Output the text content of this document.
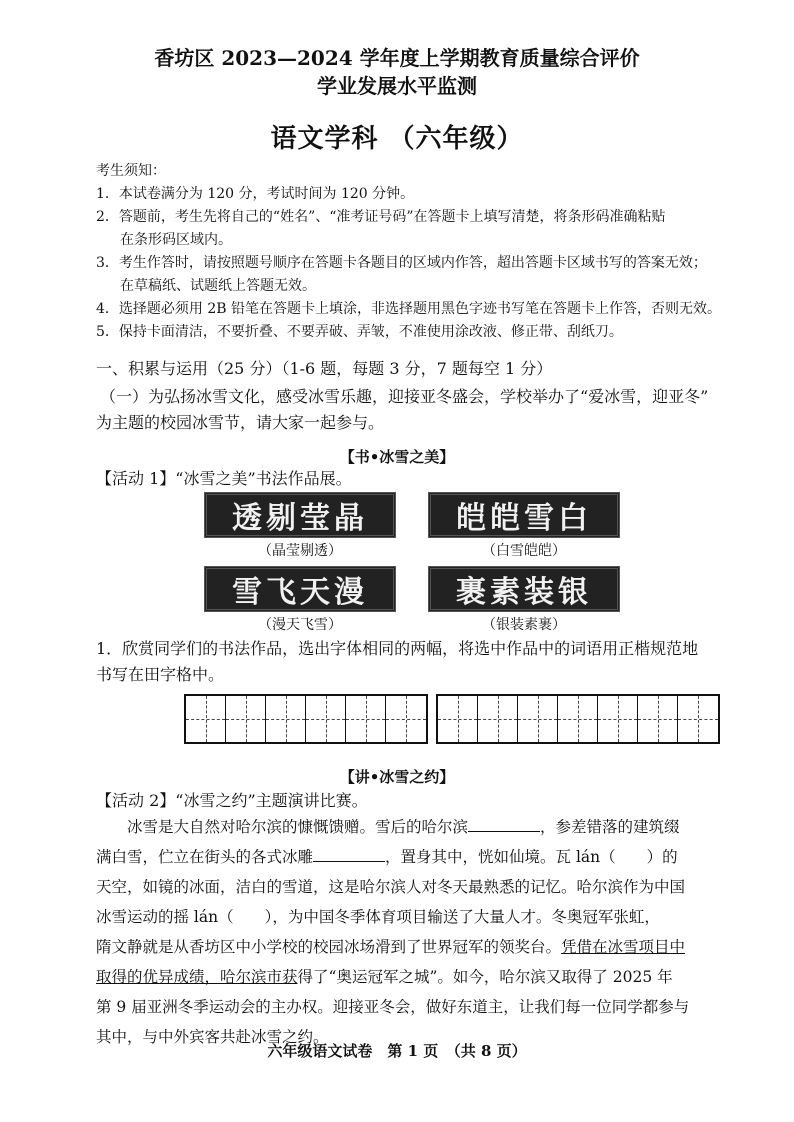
香坊区 2023—2024 学年度上学期教育质量综合评价
学业发展水平监测
语文学科 （六年级）

考生须知：

1．本试卷满分为 120 分，考试时间为 120 分钟。

2．答题前，考生先将自己的“姓名”、“准考证号码”在答题卡上填写清楚，将条形码准确粘贴

在条形码区域内。

3．考生作答时，请按照题号顺序在答题卡各题目的区域内作答，超出答题卡区域书写的答案无效；

在草稿纸、试题纸上答题无效。

4．选择题必须用 2B 铅笔在答题卡上填涂，非选择题用黑色字迹书写笔在答题卡上作答，否则无效。

5．保持卡面清洁，不要折叠、不要弄破、弄皱，不准使用涂改液、修正带、刮纸刀。

一、积累与运用（25 分）（1-6 题，每题 3 分，7 题每空 1 分）
（一）为弘扬冰雪文化，感受冰雪乐趣，迎接亚冬盛会，学校举办了“爱冰雪，迎亚冬”
为主题的校园冰雪节，请大家一起参与。
【书•冰雪之美】
【活动 1】“冰雪之美”书法作品展。
透剔莹晶
（晶莹剔透）
皑皑雪白
（白雪皑皑）
雪飞天漫
（漫天飞雪）
裹素装银
（银装素裹）
1．欣赏同学们的书法作品，选出字体相同的两幅，将选中作品中的词语用正楷规范地
书写在田字格中。
【讲•冰雪之约】
【活动 2】“冰雪之约”主题演讲比赛。

冰雪是大自然对哈尔滨的慷慨馈赠。雪后的哈尔滨	，参差错落的建筑缀

满白雪，伫立在街头的各式冰雕	，置身其中，恍如仙境。瓦 lán（　　）的

天空，如镜的冰面，洁白的雪道，这是哈尔滨人对冬天最熟悉的记忆。哈尔滨作为中国

冰雪运动的摇 lán（　　），为中国冬季体育项目输送了大量人才。冬奥冠军张虹，

隋文静就是从香坊区中小学校的校园冰场滑到了世界冠军的领奖台。凭借在冰雪项目中

取得的优异成绩，哈尔滨市获得了“奥运冠军之城”。如今，哈尔滨又取得了 2025 年

第 9 届亚洲冬季运动会的主办权。迎接亚冬会，做好东道主，让我们每一位同学都参与

其中，与中外宾客共赴冰雪之约。

六年级语文试卷　第 1 页　（共 8 页）
